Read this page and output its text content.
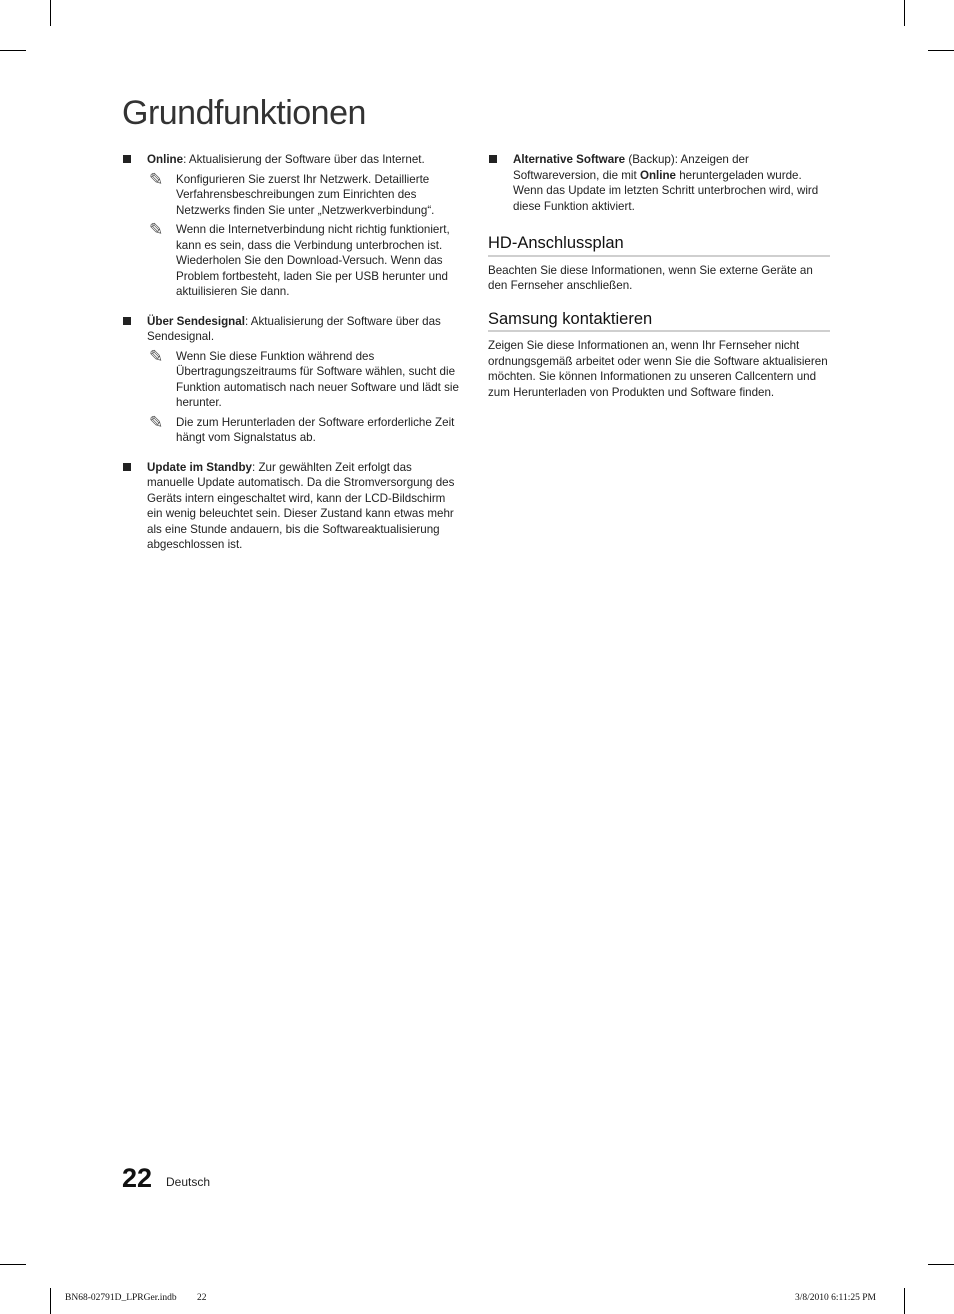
Grundfunktionen
Online: Aktualisierung der Software über das Internet.
✎ Konfigurieren Sie zuerst Ihr Netzwerk. Detaillierte Verfahrensbeschreibungen zum Einrichten des Netzwerks finden Sie unter „Netzwerkverbindung“.
✎ Wenn die Internetverbindung nicht richtig funktioniert, kann es sein, dass die Verbindung unterbrochen ist. Wiederholen Sie den Download-Versuch. Wenn das Problem fortbesteht, laden Sie per USB herunter und aktuilisieren Sie dann.
Über Sendesignal: Aktualisierung der Software über das Sendesignal.
✎ Wenn Sie diese Funktion während des Übertragungszeitraums für Software wählen, sucht die Funktion automatisch nach neuer Software und lädt sie herunter.
✎ Die zum Herunterladen der Software erforderliche Zeit hängt vom Signalstatus ab.
Update im Standby: Zur gewählten Zeit erfolgt das manuelle Update automatisch. Da die Stromversorgung des Geräts intern eingeschaltet wird, kann der LCD-Bildschirm ein wenig beleuchtet sein. Dieser Zustand kann etwas mehr als eine Stunde andauern, bis die Softwareaktualisierung abgeschlossen ist.
Alternative Software (Backup): Anzeigen der Softwareversion, die mit Online heruntergeladen wurde. Wenn das Update im letzten Schritt unterbrochen wird, wird diese Funktion aktiviert.
HD-Anschlussplan
Beachten Sie diese Informationen, wenn Sie externe Geräte an den Fernseher anschließen.
Samsung kontaktieren
Zeigen Sie diese Informationen an, wenn Ihr Fernseher nicht ordnungsgemäß arbeitet oder wenn Sie die Software aktualisieren möchten. Sie können Informationen zu unseren Callcentern und zum Herunterladen von Produkten und Software finden.
22 Deutsch
BN68-02791D_LPRGer.indb 22	3/8/2010 6:11:25 PM
